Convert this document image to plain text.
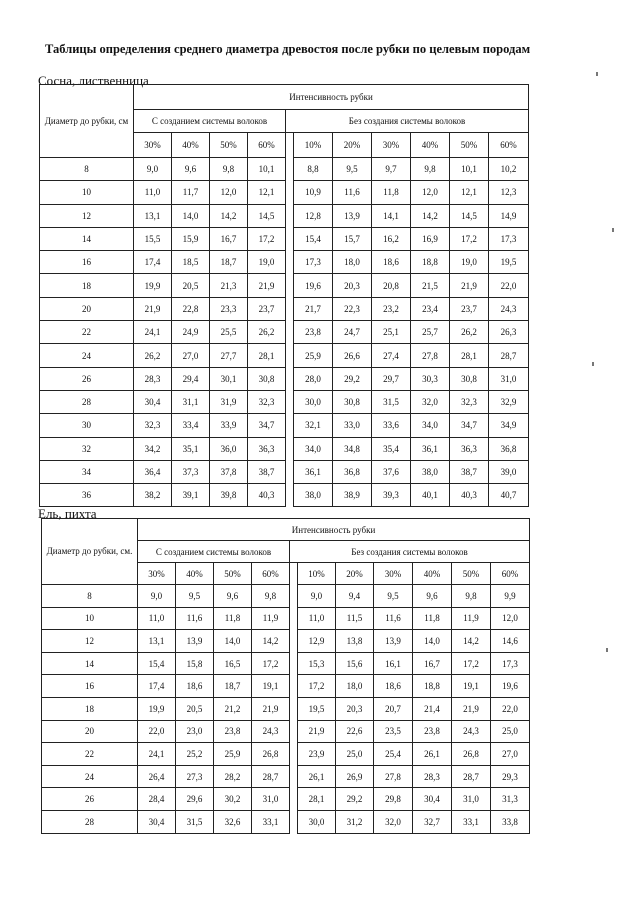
Таблицы определения среднего диаметра древостоя после рубки по целевым породам
Сосна, лиственница
Диаметр до рубки, см	Интенсивность рубки										
	С созданием системы волоков				Без создания системы волоков						
	30%	40%	50%	60%		10%	20%	30%	40%	50%	60%
8	9,0	9,6	9,8	10,1		8,8	9,5	9,7	9,8	10,1	10,2
10	11,0	11,7	12,0	12,1		10,9	11,6	11,8	12,0	12,1	12,3
12	13,1	14,0	14,2	14,5		12,8	13,9	14,1	14,2	14,5	14,9
14	15,5	15,9	16,7	17,2		15,4	15,7	16,2	16,9	17,2	17,3
16	17,4	18,5	18,7	19,0		17,3	18,0	18,6	18,8	19,0	19,5
18	19,9	20,5	21,3	21,9		19,6	20,3	20,8	21,5	21,9	22,0
20	21,9	22,8	23,3	23,7		21,7	22,3	23,2	23,4	23,7	24,3
22	24,1	24,9	25,5	26,2		23,8	24,7	25,1	25,7	26,2	26,3
24	26,2	27,0	27,7	28,1		25,9	26,6	27,4	27,8	28,1	28,7
26	28,3	29,4	30,1	30,8		28,0	29,2	29,7	30,3	30,8	31,0
28	30,4	31,1	31,9	32,3		30,0	30,8	31,5	32,0	32,3	32,9
30	32,3	33,4	33,9	34,7		32,1	33,0	33,6	34,0	34,7	34,9
32	34,2	35,1	36,0	36,3		34,0	34,8	35,4	36,1	36,3	36,8
34	36,4	37,3	37,8	38,7		36,1	36,8	37,6	38,0	38,7	39,0
36	38,2	39,1	39,8	40,3		38,0	38,9	39,3	40,1	40,3	40,7
Ель, пихта
Диаметр до рубки, см.	Интенсивность рубки										
	С созданием системы волоков				Без создания системы волоков						
	30%	40%	50%	60%		10%	20%	30%	40%	50%	60%
8	9,0	9,5	9,6	9,8		9,0	9,4	9,5	9,6	9,8	9,9
10	11,0	11,6	11,8	11,9		11,0	11,5	11,6	11,8	11,9	12,0
12	13,1	13,9	14,0	14,2		12,9	13,8	13,9	14,0	14,2	14,6
14	15,4	15,8	16,5	17,2		15,3	15,6	16,1	16,7	17,2	17,3
16	17,4	18,6	18,7	19,1		17,2	18,0	18,6	18,8	19,1	19,6
18	19,9	20,5	21,2	21,9		19,5	20,3	20,7	21,4	21,9	22,0
20	22,0	23,0	23,8	24,3		21,9	22,6	23,5	23,8	24,3	25,0
22	24,1	25,2	25,9	26,8		23,9	25,0	25,4	26,1	26,8	27,0
24	26,4	27,3	28,2	28,7		26,1	26,9	27,8	28,3	28,7	29,3
26	28,4	29,6	30,2	31,0		28,1	29,2	29,8	30,4	31,0	31,3
28	30,4	31,5	32,6	33,1		30,0	31,2	32,0	32,7	33,1	33,8
